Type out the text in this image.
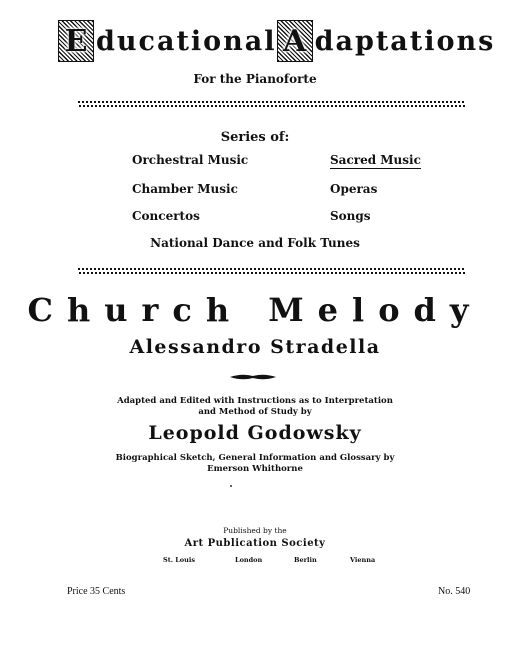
E ducational A daptations
For the Pianoforte
Series of:
Orchestral Music
Chamber Music
Concertos
Sacred Music
Operas
Songs
National Dance and Folk Tunes
Church Melody
Alessandro Stradella
Adapted and Edited with Instructions as to Interpretation
and Method of Study by
Leopold Godowsky
Biographical Sketch, General Information and Glossary by
Emerson Whithorne
Published by the
Art Publication Society
St. Louis	London	Berlin	Vienna
Price 35 Cents	No. 540
